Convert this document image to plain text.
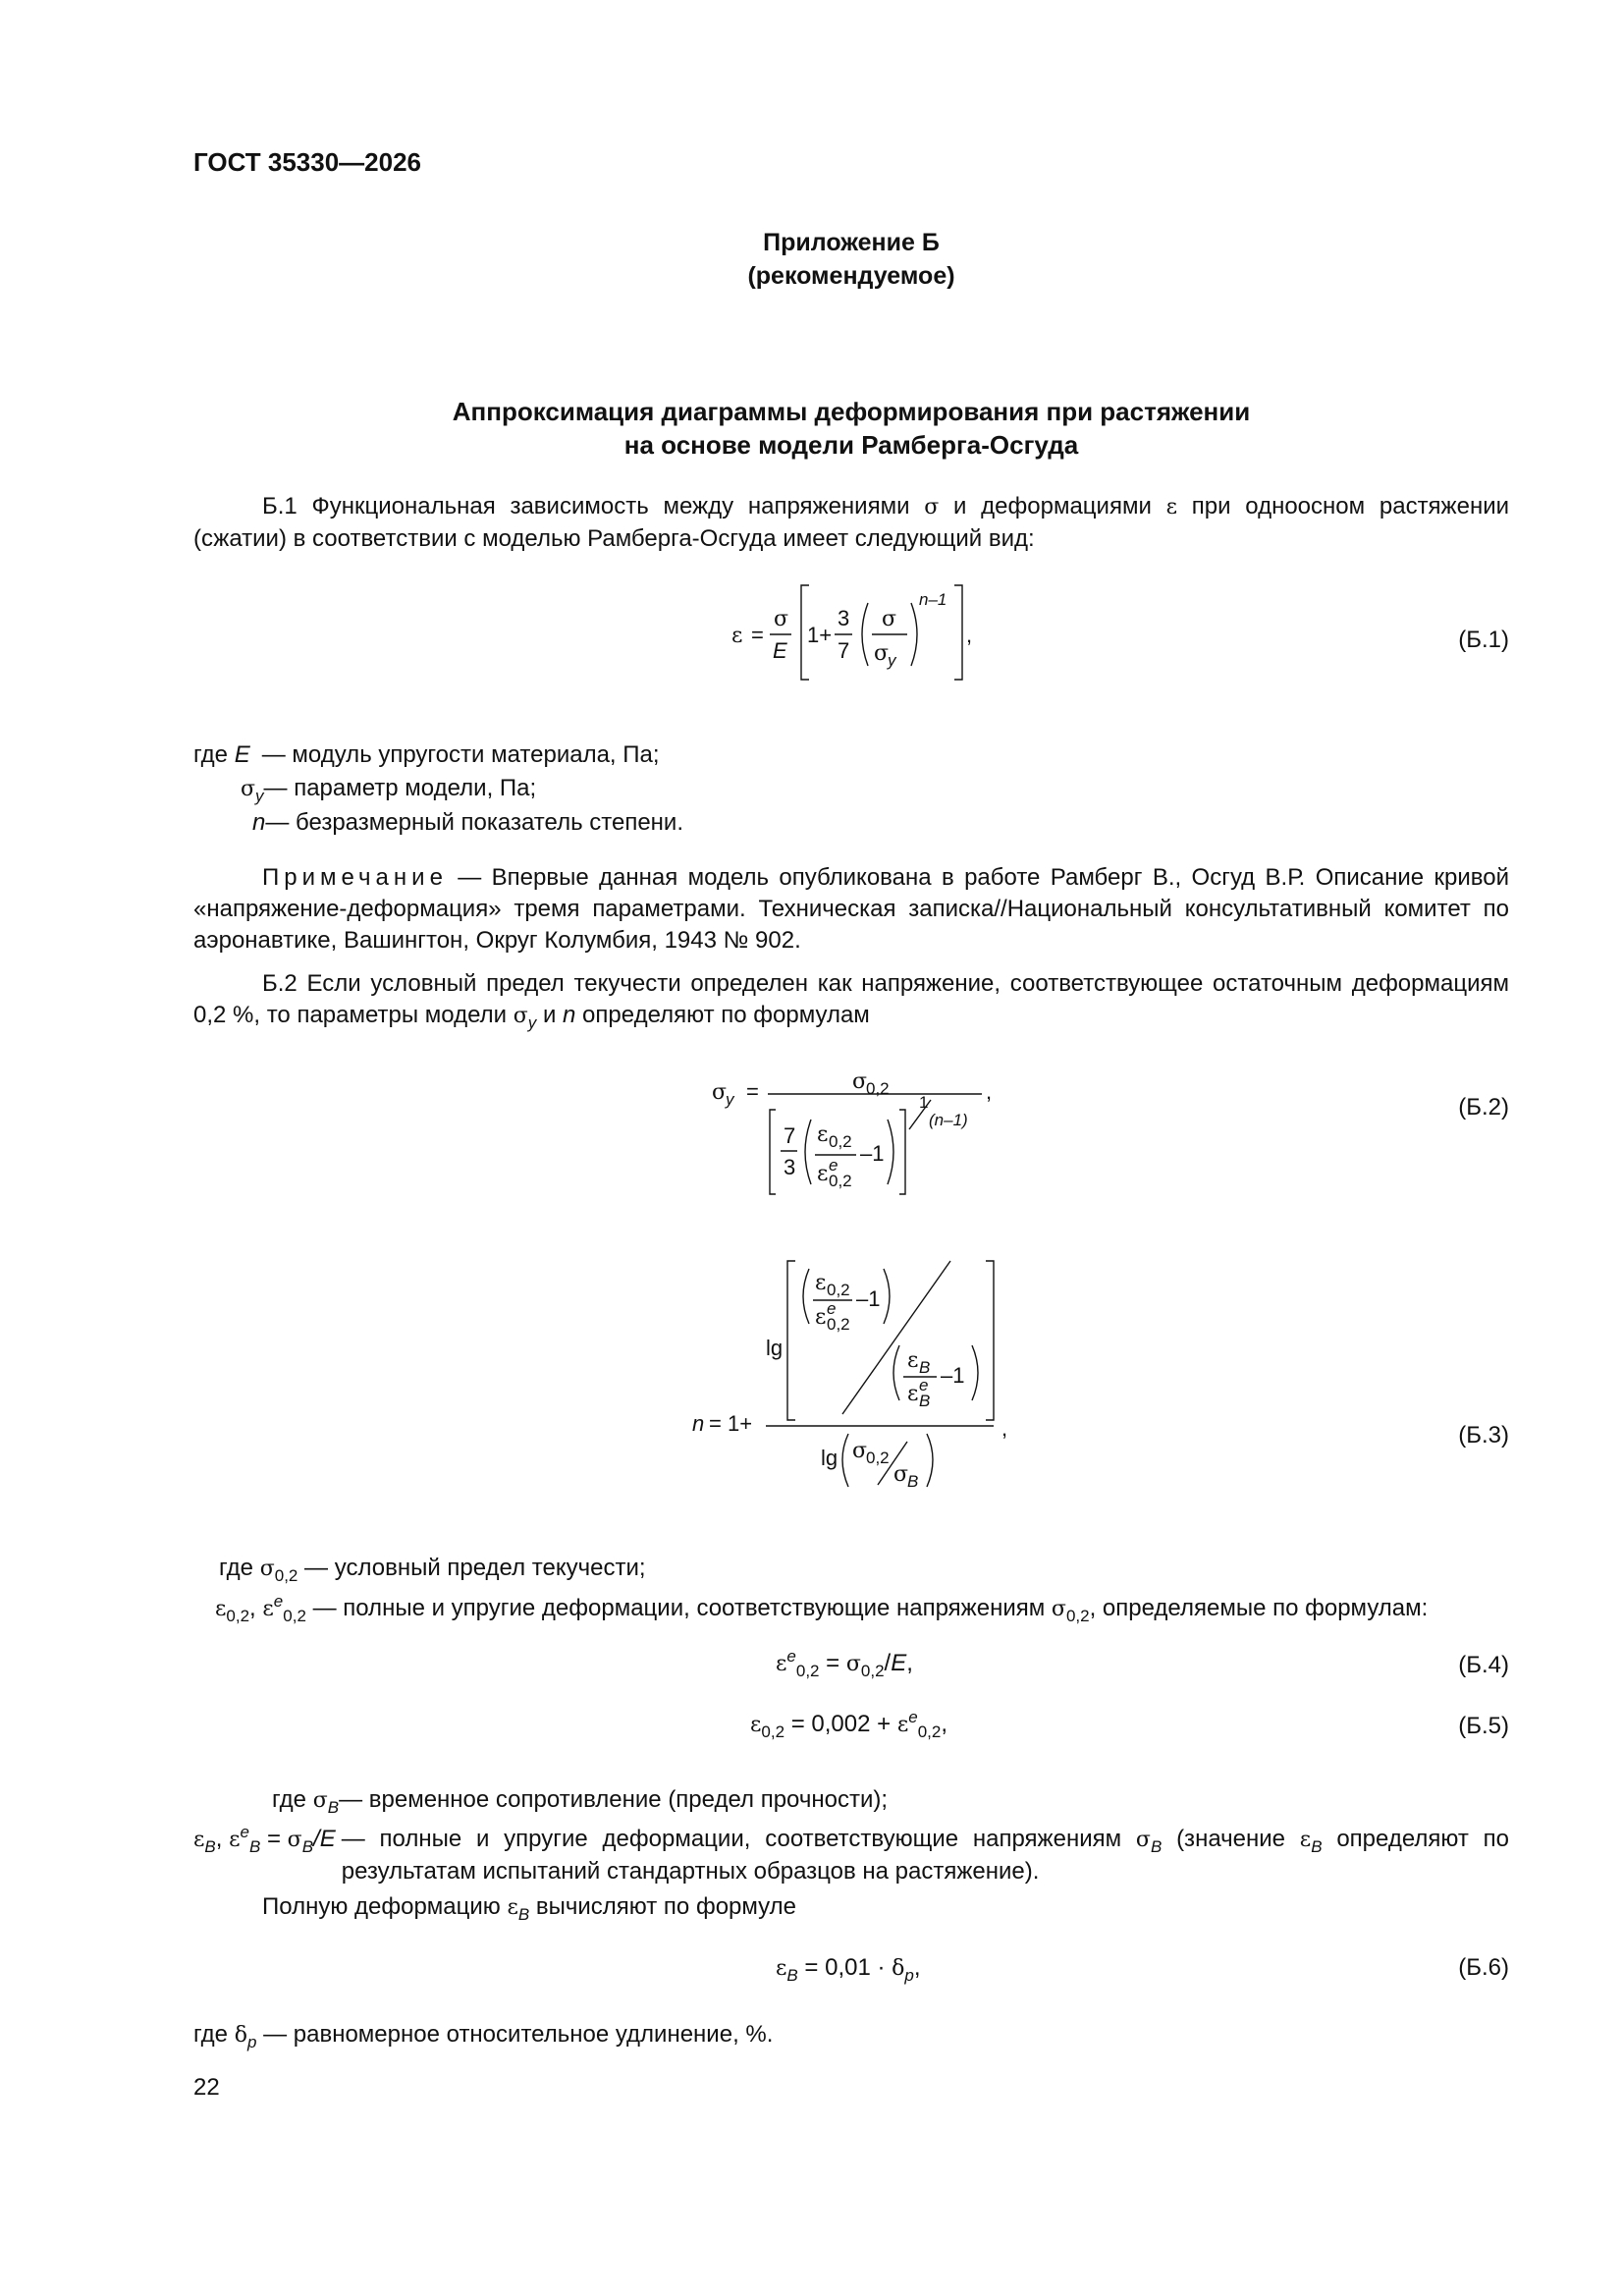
ГОСТ 35330—2026
Приложение Б
(рекомендуемое)
Аппроксимация диаграммы деформирования при растяжении
на основе модели Рамберга-Осгуда
Б.1 Функциональная зависимость между напряжениями σ и деформациями ε при одноосном растяжении (сжатии) в соответствии с моделью Рамберга-Осгуда имеет следующий вид:
ε =
σ
E
1+
3
7
σ
σ
y
n–1
,	(Б.1)
где E — модуль упругости материала, Па;
$\sigma_y—$ параметр модели, Па;
n— безразмерный показатель степени.
Примечание — Впервые данная модель опубликована в работе Рамберг В., Осгуд В.Р. Описание кривой «напряжение-деформация» тремя параметрами. Техническая записка//Национальный консультативный комитет по аэронавтике, Вашингтон, Округ Колумбия, 1943 № 902.
Б.2 Если условный предел текучести определен как напряжение, соответствующее остаточным деформациям 0,2 %, то параметры модели $\sigma_y$ и n определяют по формулам
σ
y =	σ
0,2
7
3
ε 0,2
ε e
0,2
–1
1
(n–1)
,
(Б.2)
n = 1+
lg
ε 0,2
ε e
0,2
–1
ε B
ε e
B
–1
lg σ
0,2
σ
B
,	(Б.3)
где $\sigma_{0,2}$ — условный предел текучести;
$\varepsilon_{0,2}$, $\varepsilon^e_{0,2}$ — полные и упругие деформации, соответствующие напряжениям $\sigma_{0,2}$, определяемые по формулам:
$\varepsilon^e_{0,2} = \sigma_{0,2}/E$,	(Б.4)
$\varepsilon_{0,2} = 0,002 + \varepsilon^e_{0,2}$,	(Б.5)
где $\sigma_B—$ временное сопротивление (предел прочности);
$\varepsilon_B$, $\varepsilon^e_B = \sigma_B/E$ — полные и упругие деформации, соответствующие напряжениям $\sigma_B$ (значение $\varepsilon_B$ определяют по результатам испытаний стандартных образцов на растяжение).
Полную деформацию $\varepsilon_B$ вычисляют по формуле
$\varepsilon_B = 0,01 \cdot \delta_p$,	(Б.6)
где $\delta_p$ — равномерное относительное удлинение, %.
22
